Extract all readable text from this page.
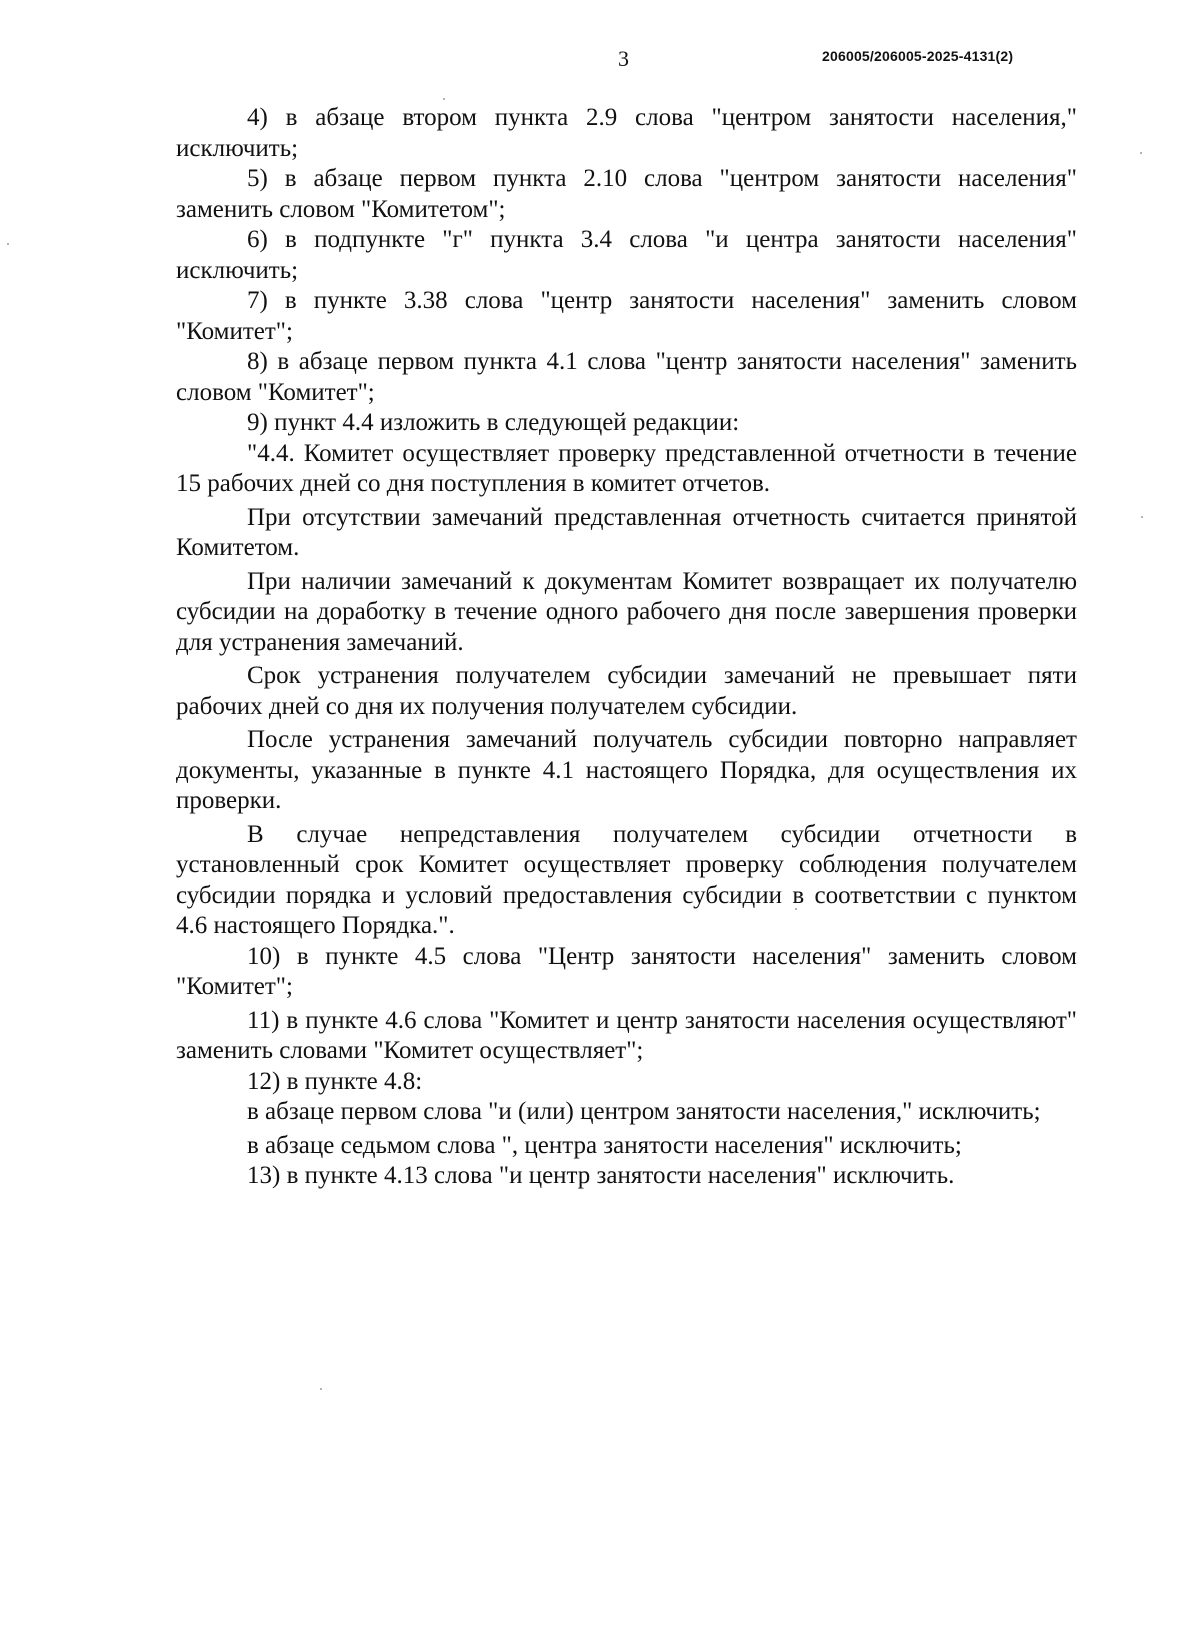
3	206005/206005-2025-4131(2)

4) в абзаце втором пункта 2.9 слова "центром занятости населения," исключить;

5) в абзаце первом пункта 2.10 слова "центром занятости населения" заменить словом "Комитетом";

6) в подпункте "г" пункта 3.4 слова "и центра занятости населения" исключить;

7) в пункте 3.38 слова "центр занятости населения" заменить словом "Комитет";

8) в абзаце первом пункта 4.1 слова "центр занятости населения" заменить словом "Комитет";

9) пункт 4.4 изложить в следующей редакции:

"4.4. Комитет осуществляет проверку представленной отчетности в течение 15 рабочих дней со дня поступления в комитет отчетов.

При отсутствии замечаний представленная отчетность считается принятой Комитетом.

При наличии замечаний к документам Комитет возвращает их получателю субсидии на доработку в течение одного рабочего дня после завершения проверки для устранения замечаний.

Срок устранения получателем субсидии замечаний не превышает пяти рабочих дней со дня их получения получателем субсидии.

После устранения замечаний получатель субсидии повторно направляет документы, указанные в пункте 4.1 настоящего Порядка, для осуществления их проверки.

В случае непредставления получателем субсидии отчетности в установленный срок Комитет осуществляет проверку соблюдения получателем субсидии порядка и условий предоставления субсидии в соответствии с пунктом 4.6 настоящего Порядка.".

10) в пункте 4.5 слова "Центр занятости населения" заменить словом "Комитет";

11) в пункте 4.6 слова "Комитет и центр занятости населения осуществляют" заменить словами "Комитет осуществляет";

12) в пункте 4.8:

в абзаце первом слова "и (или) центром занятости населения," исключить;

в абзаце седьмом слова ", центра занятости населения" исключить;

13) в пункте 4.13 слова "и центр занятости населения" исключить.
